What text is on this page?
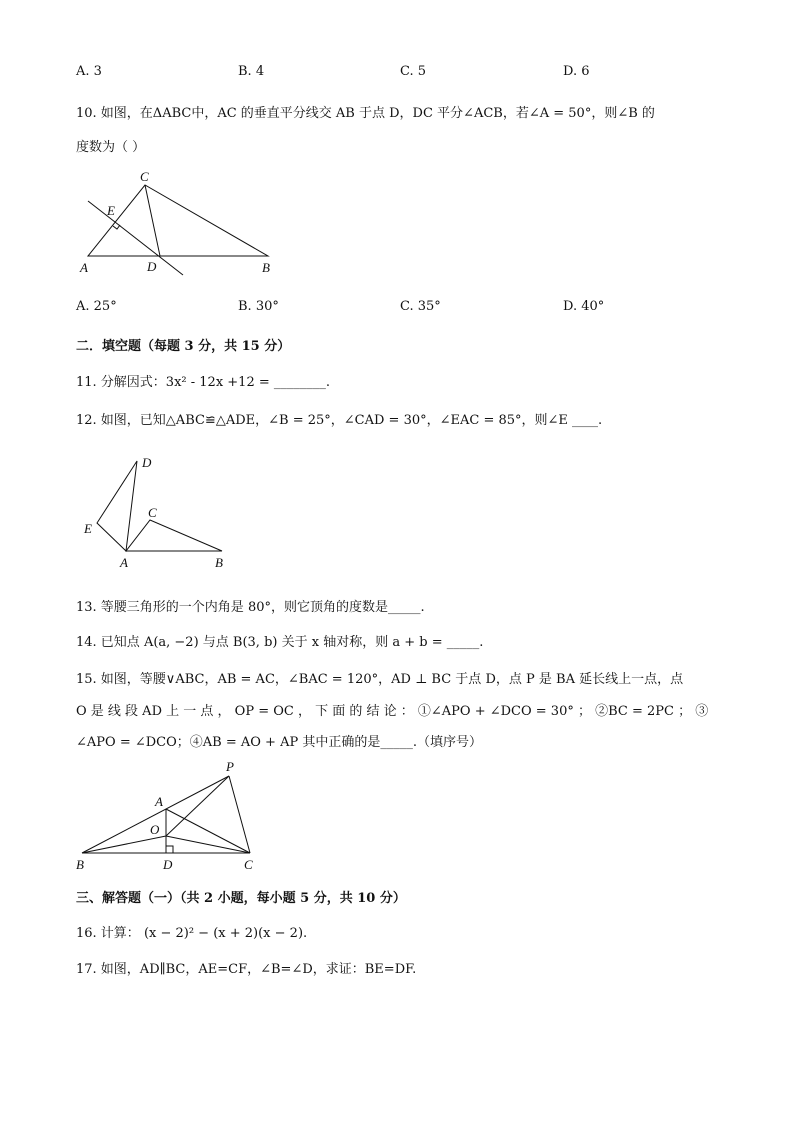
A. 3	B. 4	C. 5	D. 6
10. 如图，在ΔABC中，AC 的垂直平分线交 AB 于点 D，DC 平分∠ACB，若∠A = 50°，则∠B 的
度数为（ ）
C
E
A	D	B
A. 25°	B. 30°	C. 35°	D. 40°
二．填空题（每题 3 分，共 15 分）
11. 分解因式：3x² - 12x +12 = ________.
12. 如图，已知△ABC≌△ADE，∠B = 25°，∠CAD = 30°，∠EAC = 85°，则∠E ____.
D
C
E
A	B
13. 等腰三角形的一个内角是 80°，则它顶角的度数是_____.
14. 已知点 A(a, −2) 与点 B(3, b) 关于 x 轴对称，则 a + b = _____.
15. 如图，等腰∨ABC，AB = AC，∠BAC = 120°，AD ⊥ BC 于点 D，点 P 是 BA 延长线上一点，点
O 是 线 段 AD 上 一 点 ， OP = OC ， 下 面 的 结 论 ： ①∠APO + ∠DCO = 30° ； ②BC = 2PC ； ③
∠APO = ∠DCO；④AB = AO + AP 其中正确的是_____.（填序号）
P
A
O
B	D	C
三、解答题（一）（共 2 小题，每小题 5 分，共 10 分）
16. 计算： (x − 2)² − (x + 2)(x − 2).
17. 如图，AD∥BC，AE=CF，∠B=∠D，求证：BE=DF.
